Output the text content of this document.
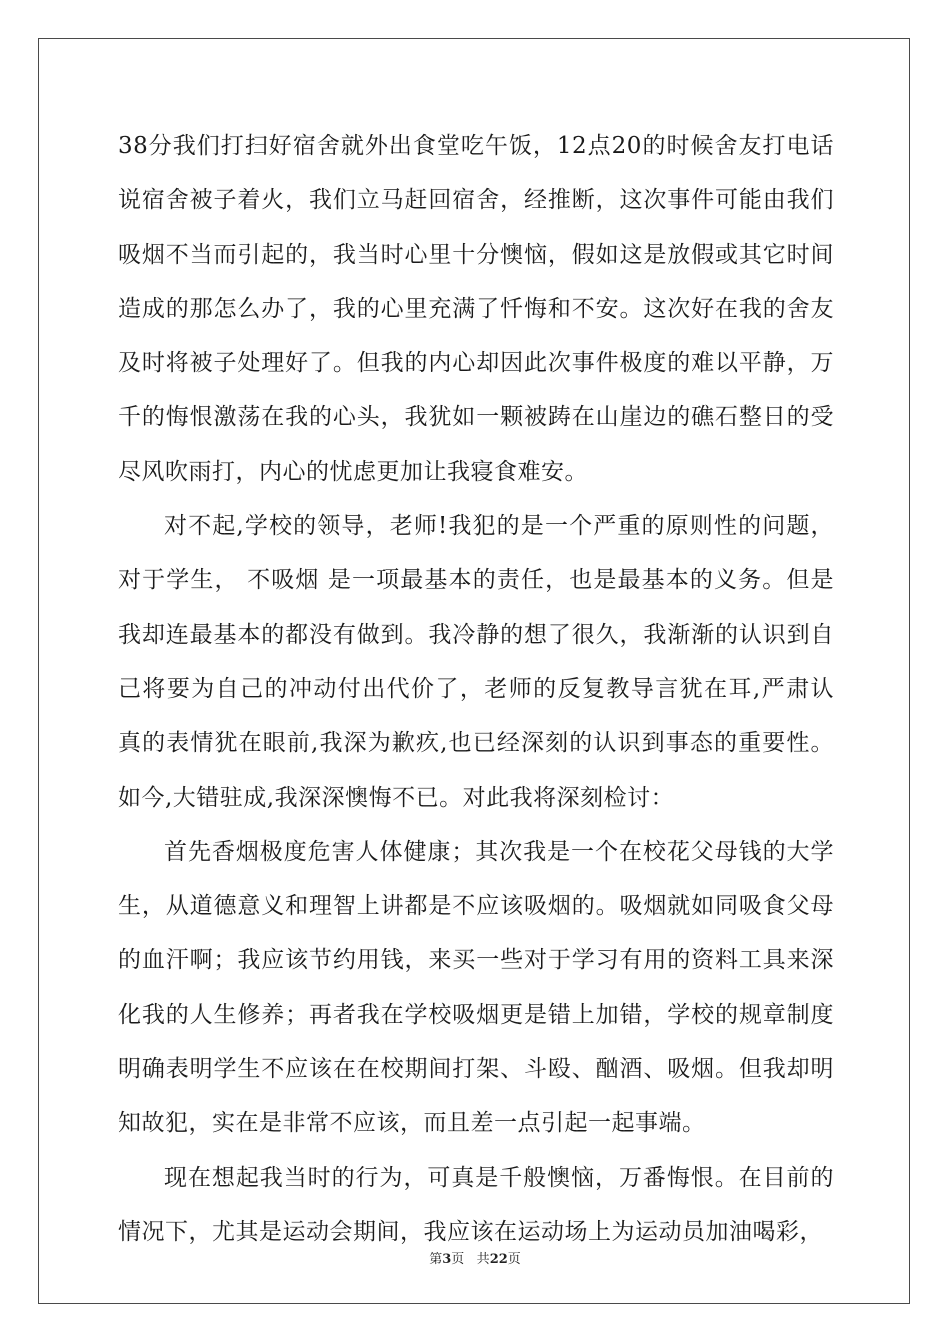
38分我们打扫好宿舍就外出食堂吃午饭，12点20的时候舍友打电话
说宿舍被子着火，我们立马赶回宿舍，经推断，这次事件可能由我们
吸烟不当而引起的，我当时心里十分懊恼，假如这是放假或其它时间
造成的那怎么办了，我的心里充满了忏悔和不安。这次好在我的舍友
及时将被子处理好了。但我的内心却因此次事件极度的难以平静，万
千的悔恨激荡在我的心头，我犹如一颗被踌在山崖边的礁石整日的受
尽风吹雨打，内心的忧虑更加让我寝食难安。
对不起,学校的领导，老师!我犯的是一个严重的原则性的问题，
对于学生， 不吸烟 是一项最基本的责任，也是最基本的义务。但是
我却连最基本的都没有做到。我冷静的想了很久，我渐渐的认识到自
己将要为自己的冲动付出代价了，老师的反复教导言犹在耳,严肃认
真的表情犹在眼前,我深为歉疚,也已经深刻的认识到事态的重要性。
如今,大错驻成,我深深懊悔不已。对此我将深刻检讨：
首先香烟极度危害人体健康；其次我是一个在校花父母钱的大学
生，从道德意义和理智上讲都是不应该吸烟的。吸烟就如同吸食父母
的血汗啊；我应该节约用钱，来买一些对于学习有用的资料工具来深
化我的人生修养；再者我在学校吸烟更是错上加错，学校的规章制度
明确表明学生不应该在在校期间打架、斗殴、酗酒、吸烟。但我却明
知故犯，实在是非常不应该，而且差一点引起一起事端。
现在想起我当时的行为，可真是千般懊恼，万番悔恨。在目前的
情况下，尤其是运动会期间，我应该在运动场上为运动员加油喝彩，
第3页 共22页
